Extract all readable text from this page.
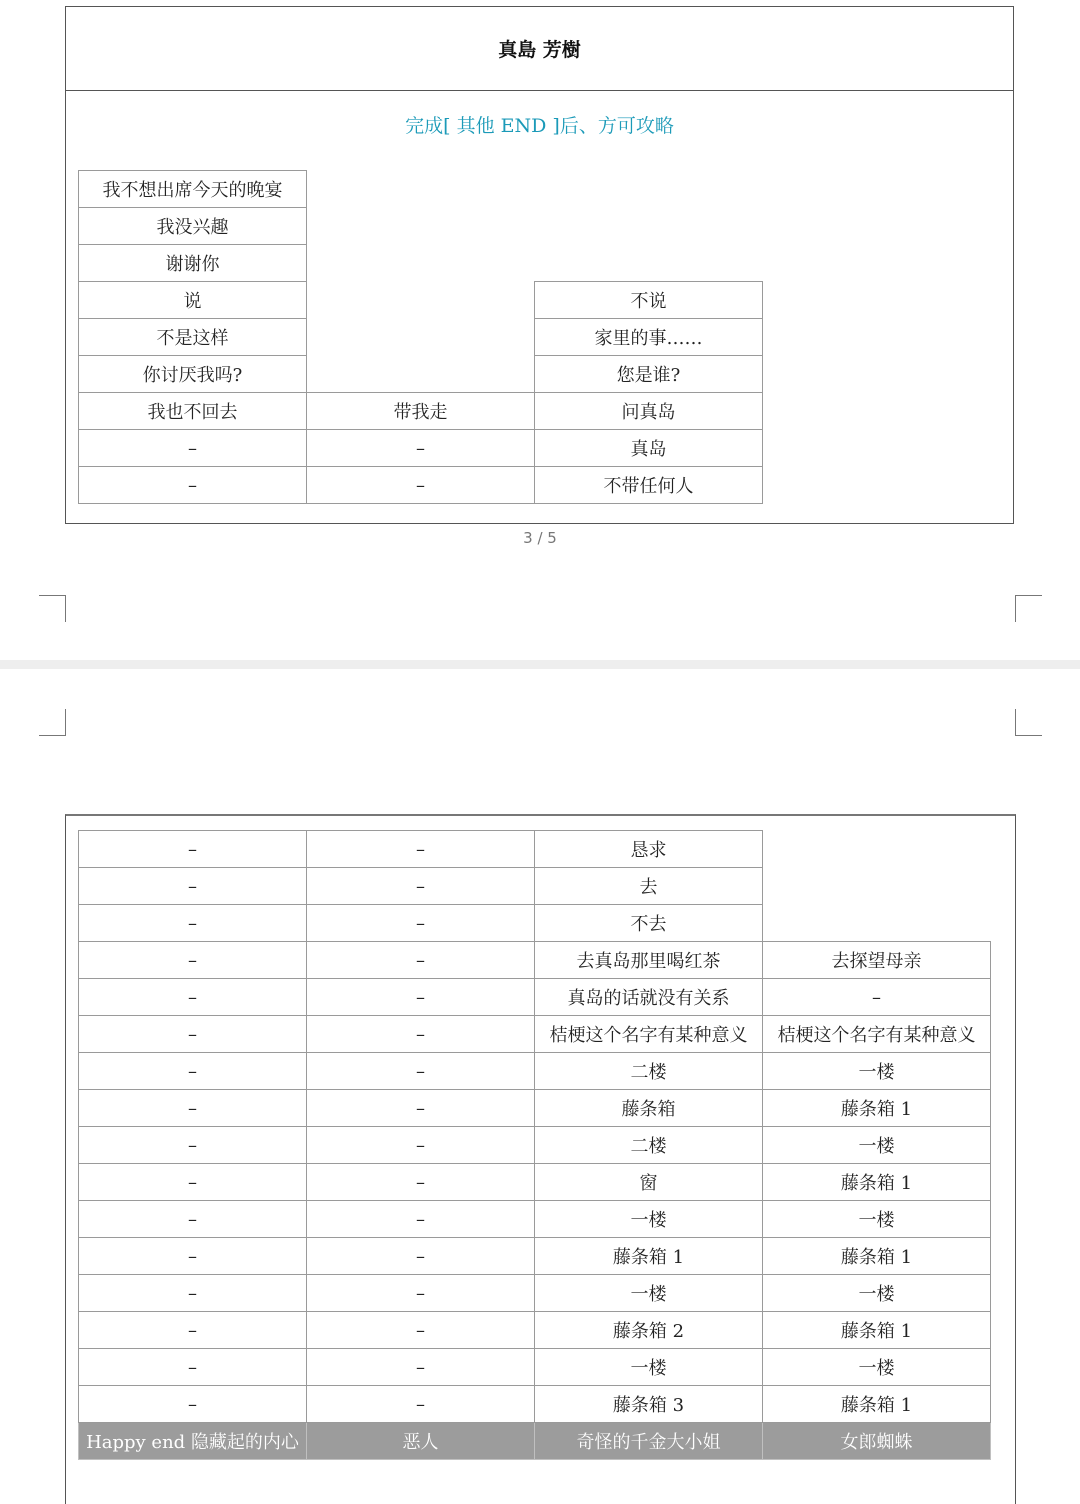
真島 芳樹
完成[ 其他 END ]后、方可攻略
我不想出席今天的晚宴		
我没兴趣		
谢谢你		
说		不说
不是这样		家里的事……
你讨厌我吗?		您是谁?
我也不回去	带我走	问真岛
–	–	真岛
–	–	不带任何人
3 / 5
–	–	恳求	
–	–	去	
–	–	不去	
–	–	去真岛那里喝红茶	去探望母亲
–	–	真岛的话就没有关系	–
–	–	桔梗这个名字有某种意义	桔梗这个名字有某种意义
–	–	二楼	一楼
–	–	藤条箱	藤条箱 1
–	–	二楼	一楼
–	–	窗	藤条箱 1
–	–	一楼	一楼
–	–	藤条箱 1	藤条箱 1
–	–	一楼	一楼
–	–	藤条箱 2	藤条箱 1
–	–	一楼	一楼
–	–	藤条箱 3	藤条箱 1
Happy end 隐藏起的内心	恶人	奇怪的千金大小姐	女郎蜘蛛
